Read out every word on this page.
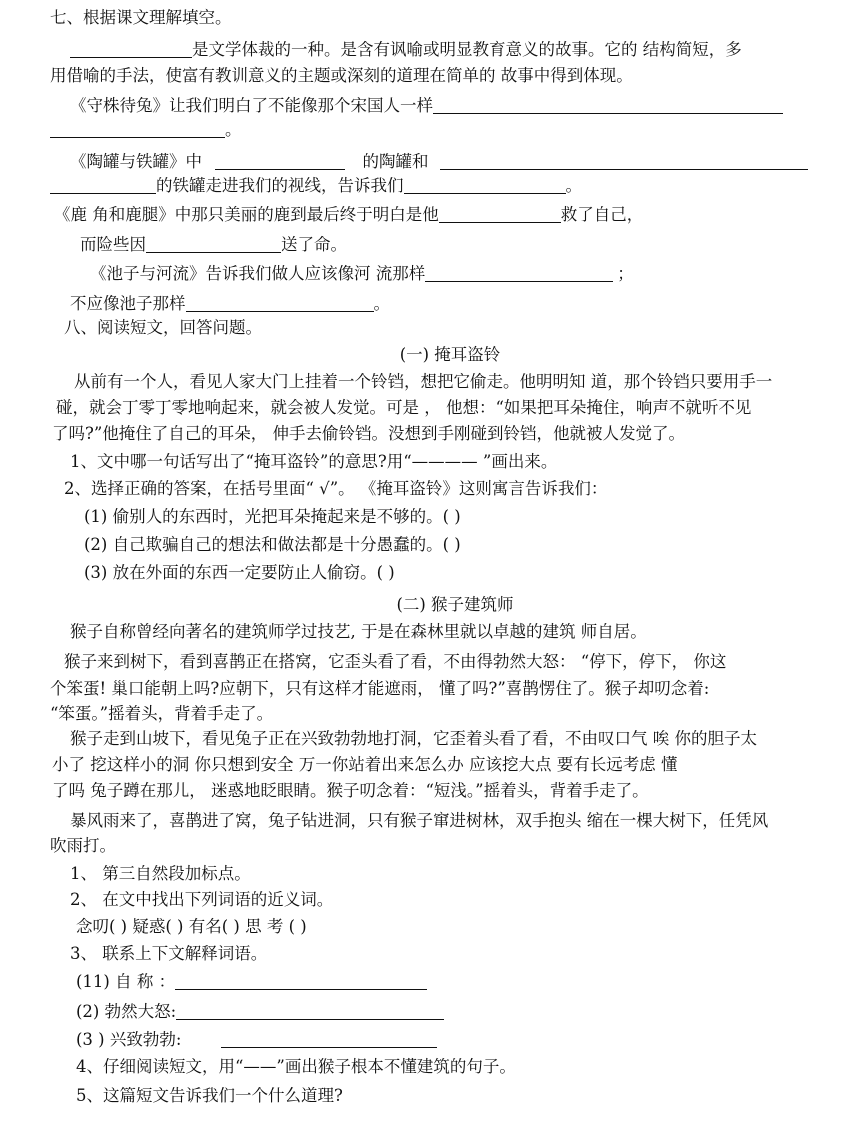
七、根据课文理解填空。
是文学体裁的一种。是含有讽喻或明显教育意义的故事。它的 结构简短，多
用借喻的手法，使富有教训意义的主题或深刻的道理在简单的 故事中得到体现。
《守株待兔》让我们明白了不能像那个宋国人一样
。
《陶罐与铁罐》中	的陶罐和
的铁罐走进我们的视线，告诉我们	。
《鹿 角和鹿腿》中那只美丽的鹿到最后终于明白是他	救了自己，
而险些因	送了命。
《池子与河流》告诉我们做人应该像河 流那样	；
不应像池子那样	。
八、阅读短文，回答问题。
(一) 掩耳盗铃
从前有一个人，看见人家大门上挂着一个铃铛，想把它偷走。他明明知 道，那个铃铛只要用手一
碰，就会丁零丁零地响起来，就会被人发觉。可是 ， 他想：“如果把耳朵掩住，响声不就听不见
了吗?”他掩住了自己的耳朵， 伸手去偷铃铛。没想到手刚碰到铃铛，他就被人发觉了。
1、文中哪一句话写出了“掩耳盗铃”的意思?用“———— ”画出来。
2、选择正确的答案，在括号里面“ √”。 《掩耳盗铃》这则寓言告诉我们：
(1) 偷别人的东西时，光把耳朵掩起来是不够的。( )
(2) 自己欺骗自己的想法和做法都是十分愚蠢的。( )
(3) 放在外面的东西一定要防止人偷窃。( )
(二) 猴子建筑师
猴子自称曾经向著名的建筑师学过技艺, 于是在森林里就以卓越的建筑 师自居。
猴子来到树下，看到喜鹊正在搭窝，它歪头看了看，不由得勃然大怒： “停下，停下， 你这
个笨蛋! 巢口能朝上吗?应朝下，只有这样才能遮雨， 懂了吗?”喜鹊愣住了。猴子却叨念着:
“笨蛋。”摇着头，背着手走了。
猴子走到山坡下，看见兔子正在兴致勃勃地打洞，它歪着头看了看，不由叹口气 唉 你的胆子太
小了 挖这样小的洞 你只想到安全 万一你站着出来怎么办 应该挖大点 要有长远考虑 懂
了吗 兔子蹲在那儿， 迷惑地眨眼睛。猴子叨念着：“短浅。”摇着头，背着手走了。
暴风雨来了，喜鹊进了窝，兔子钻进洞，只有猴子窜进树林，双手抱头 缩在一棵大树下，任凭风
吹雨打。
1、 第三自然段加标点。
2、 在文中找出下列词语的近义词。
念叨( ) 疑惑( ) 有名( ) 思 考 ( )
3、 联系上下文解释词语。
(11) 自 称 ：
(2) 勃然大怒:
(3 ) 兴致勃勃:
4、仔细阅读短文，用“——”画出猴子根本不懂建筑的句子。
5、这篇短文告诉我们一个什么道理?
